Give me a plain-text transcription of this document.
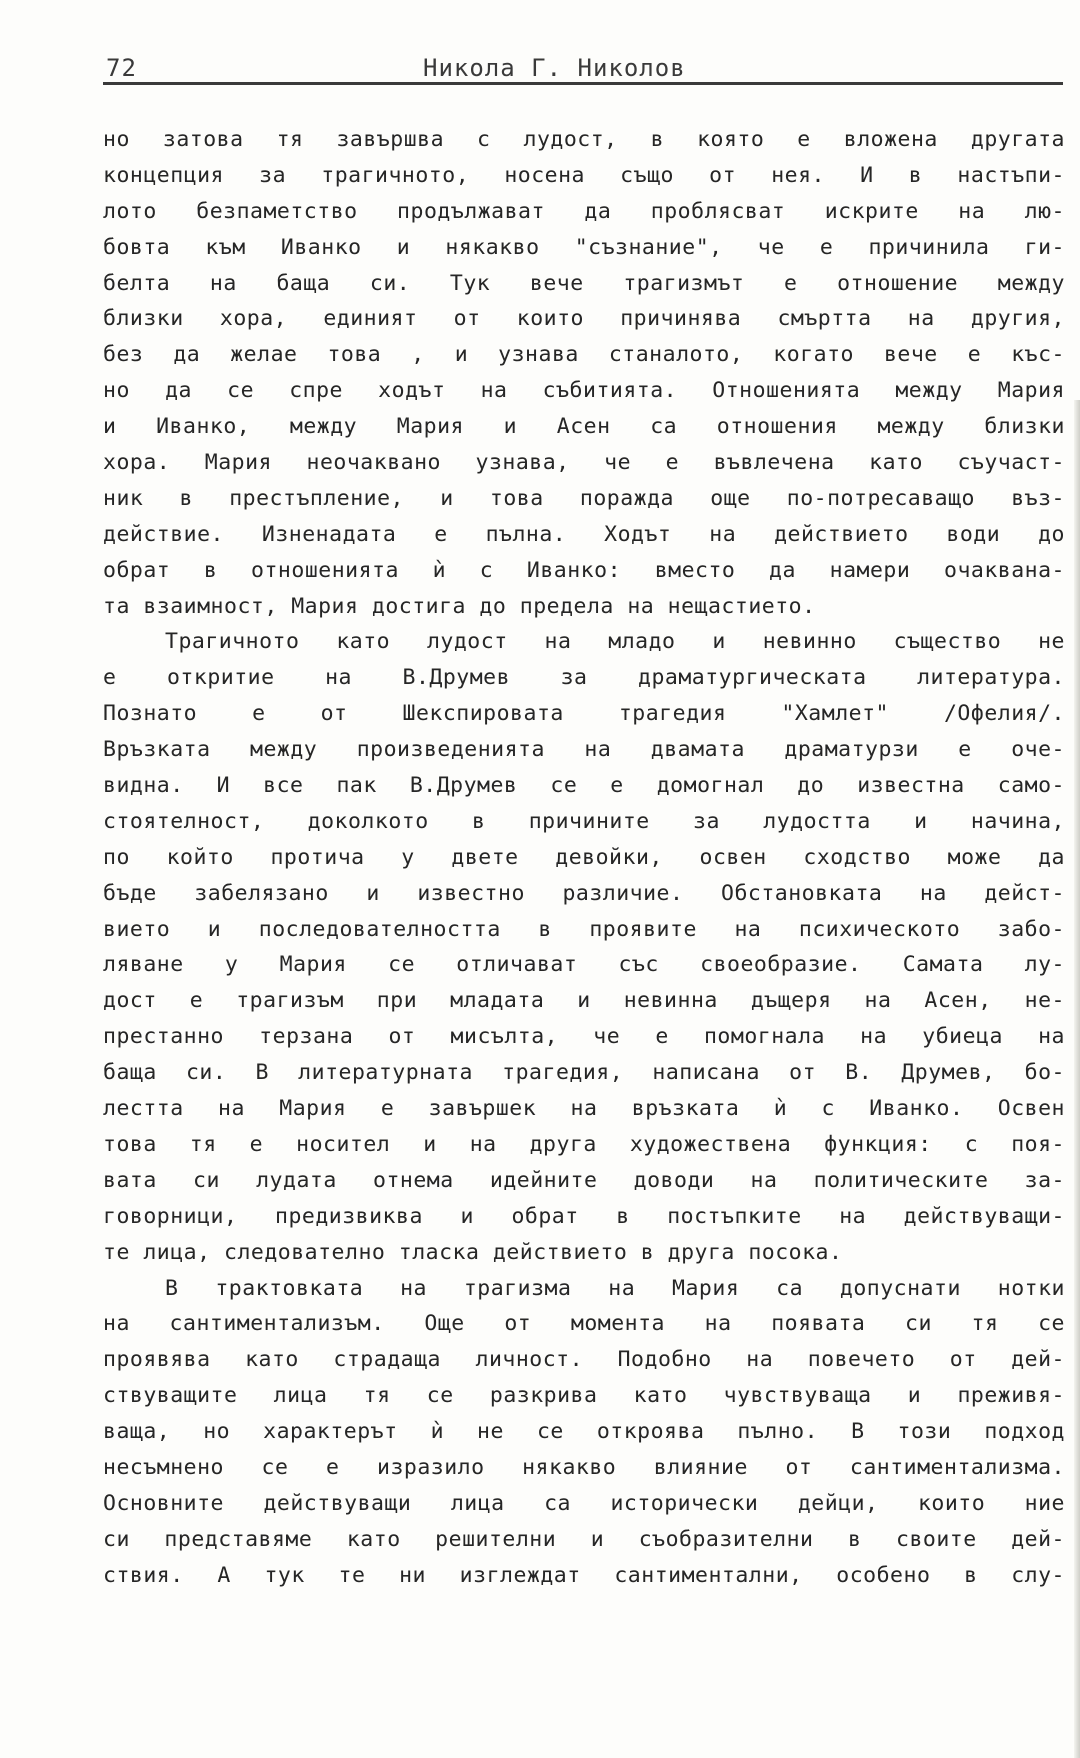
72	Никола Г. Николов
но затова тя завършва с лудост, в която е вложена другата
концепция за трагичното, носена също от нея. И в настъпи-
лото безпаметство продължават да проблясват искрите на лю-
бовта към Иванко и някакво "съзнание", че е причинила ги-
белта на баща си. Тук вече трагизмът е отношение между
близки хора, единият от които причинява смъртта на другия,
без да желае това , и узнава станалото, когато вече е къс-
но да се спре ходът на събитията. Отношенията между Мария
и Иванко, между Мария и Асен са отношения между близки
хора. Мария неочаквано узнава, че е въвлечена като съучаст-
ник в престъпление, и това поражда още по-потресаващо въз-
действие. Изненадата е пълна. Ходът на действието води до
обрат в отношенията ѝ с Иванко: вместо да намери очаквана-
та взаимност, Мария достига до предела на нещастието.
Трагичното като лудост на младо и невинно същество не
е откритие на В.Друмев за драматургическата литература.
Познато е от Шекспировата трагедия "Хамлет" /Офелия/.
Връзката между произведенията на двамата драматурзи е оче-
видна. И все пак В.Друмев се е домогнал до известна само-
стоятелност, доколкото в причините за лудостта и начина,
по който протича у двете девойки, освен сходство може да
бъде забелязано и известно различие. Обстановката на дейст-
вието и последователността в проявите на психическото забо-
ляване у Мария се отличават със своеобразие. Самата лу-
дост е трагизъм при младата и невинна дъщеря на Асен, не-
престанно терзана от мисълта, че е помогнала на убиеца на
баща си. В литературната трагедия, написана от В. Друмев, бо-
лестта на Мария е завършек на връзката ѝ с Иванко. Освен
това тя е носител и на друга художествена функция: с поя-
вата си лудата отнема идейните доводи на политическите за-
говорници, предизвиква и обрат в постъпките на действуващи-
те лица, следователно тласка действието в друга посока.
В трактовката на трагизма на Мария са допуснати нотки
на сантиментализъм. Още от момента на появата си тя се
проявява като страдаща личност. Подобно на повечето от дей-
ствуващите лица тя се разкрива като чувствуваща и преживя-
ваща, но характерът ѝ не се откроява пълно. В този подход
несъмнено се е изразило някакво влияние от сантиментализма.
Основните действуващи лица са исторически дейци, които ние
си представяме като решителни и съобразителни в своите дей-
ствия. А тук те ни изглеждат сантиментални, особено в слу-
